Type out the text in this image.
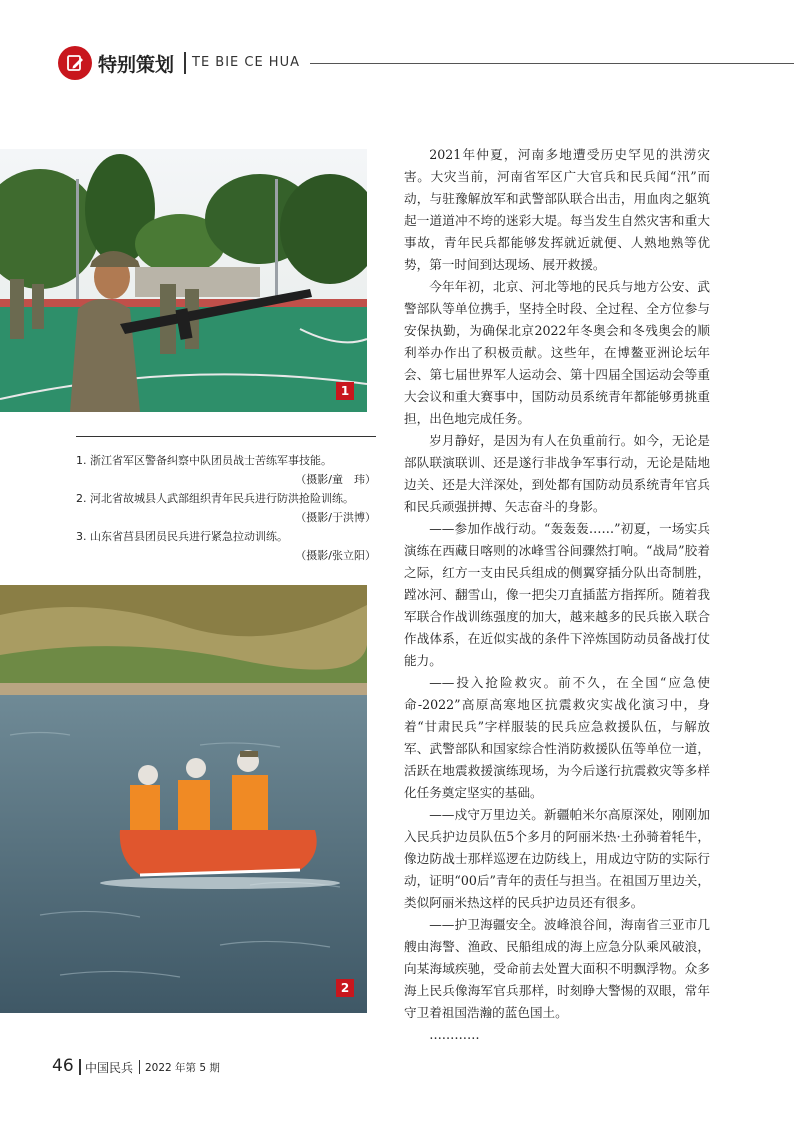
特别策划 TE BIE CE HUA
1

1. 浙江省军区警备纠察中队团员战士苦练军事技能。

（摄影/童　玮）

2. 河北省故城县人武部组织青年民兵进行防洪抢险训练。

（摄影/于洪博）

3. 山东省莒县团员民兵进行紧急拉动训练。

（摄影/张立阳）

2

2021年仲夏，河南多地遭受历史罕见的洪涝灾害。大灾当前，河南省军区广大官兵和民兵闻“汛”而动，与驻豫解放军和武警部队联合出击，用血肉之躯筑起一道道冲不垮的迷彩大堤。每当发生自然灾害和重大事故，青年民兵都能够发挥就近就便、人熟地熟等优势，第一时间到达现场、展开救援。

今年年初，北京、河北等地的民兵与地方公安、武警部队等单位携手，坚持全时段、全过程、全方位参与安保执勤，为确保北京2022年冬奥会和冬残奥会的顺利举办作出了积极贡献。这些年，在博鳌亚洲论坛年会、第七届世界军人运动会、第十四届全国运动会等重大会议和重大赛事中，国防动员系统青年都能够勇挑重担，出色地完成任务。

岁月静好，是因为有人在负重前行。如今，无论是部队联演联训、还是遂行非战争军事行动，无论是陆地边关、还是大洋深处，到处都有国防动员系统青年官兵和民兵顽强拼搏、矢志奋斗的身影。

——参加作战行动。“轰轰轰……”初夏，一场实兵演练在西藏日喀则的冰峰雪谷间骤然打响。“战局”胶着之际，红方一支由民兵组成的侧翼穿插分队出奇制胜，蹚冰河、翻雪山，像一把尖刀直插蓝方指挥所。随着我军联合作战训练强度的加大，越来越多的民兵嵌入联合作战体系，在近似实战的条件下淬炼国防动员备战打仗能力。

——投入抢险救灾。前不久，在全国“应急使命-2022”高原高寒地区抗震救灾实战化演习中，身着“甘肃民兵”字样服装的民兵应急救援队伍，与解放军、武警部队和国家综合性消防救援队伍等单位一道，活跃在地震救援演练现场，为今后遂行抗震救灾等多样化任务奠定坚实的基础。

——戍守万里边关。新疆帕米尔高原深处，刚刚加入民兵护边员队伍5个多月的阿丽米热·土孙骑着牦牛，像边防战士那样巡逻在边防线上，用成边守防的实际行动，证明“00后”青年的责任与担当。在祖国万里边关，类似阿丽米热这样的民兵护边员还有很多。

——护卫海疆安全。波峰浪谷间，海南省三亚市几艘由海警、渔政、民船组成的海上应急分队乘风破浪，向某海域疾驰，受命前去处置大面积不明飘浮物。众多海上民兵像海军官兵那样，时刻睁大警惕的双眼，常年守卫着祖国浩瀚的蓝色国土。

…………

46 中国民兵 2022 年第 5 期
